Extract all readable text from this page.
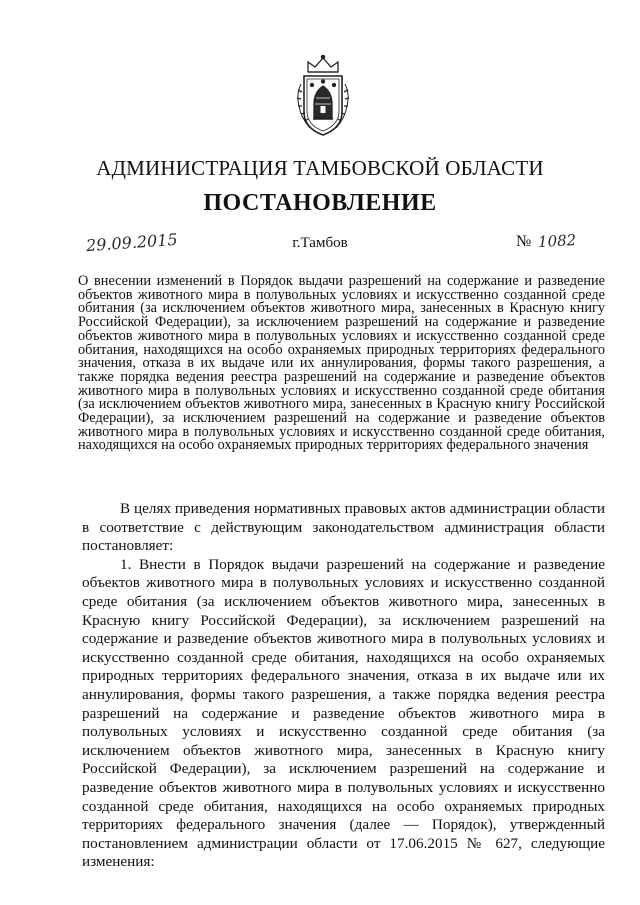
АДМИНИСТРАЦИЯ ТАМБОВСКОЙ ОБЛАСТИ
ПОСТАНОВЛЕНИЕ
29.09.2015	г.Тамбов	№ 1082
О внесении изменений в Порядок выдачи разрешений на содержание и разведение объектов животного мира в полувольных условиях и искусственно созданной среде обитания (за исключением объектов животного мира, занесенных в Красную книгу Российской Федерации), за исключением разрешений на содержание и разведение объектов животного мира в полувольных условиях и искусственно созданной среде обитания, находящихся на особо охраняемых природных территориях федерального значения, отказа в их выдаче или их аннулирования, формы такого разрешения, а также порядка ведения реестра разрешений на содержание и разведение объектов животного мира в полувольных условиях и искусственно созданной среде обитания (за исключением объектов животного мира, занесенных в Красную книгу Российской Федерации), за исключением разрешений на содержание и разведение объектов животного мира в полувольных условиях и искусственно созданной среде обитания, находящихся на особо охраняемых природных территориях федерального значения

В целях приведения нормативных правовых актов администрации области в соответствие с действующим законодательством администрация области постановляет:

1. Внести в Порядок выдачи разрешений на содержание и разведение объектов животного мира в полувольных условиях и искусственно созданной среде обитания (за исключением объектов животного мира, занесенных в Красную книгу Российской Федерации), за исключением разрешений на содержание и разведение объектов животного мира в полувольных условиях и искусственно созданной среде обитания, находящихся на особо охраняемых природных территориях федерального значения, отказа в их выдаче или их аннулирования, формы такого разрешения, а также порядка ведения реестра разрешений на содержание и разведение объектов животного мира в полувольных условиях и искусственно созданной среде обитания (за исключением объектов животного мира, занесенных в Красную книгу Российской Федерации), за исключением разрешений на содержание и разведение объектов животного мира в полувольных условиях и искусственно созданной среде обитания, находящихся на особо охраняемых природных территориях федерального значения (далее — Порядок), утвержденный постановлением администрации области от 17.06.2015 № 627, следующие изменения:
